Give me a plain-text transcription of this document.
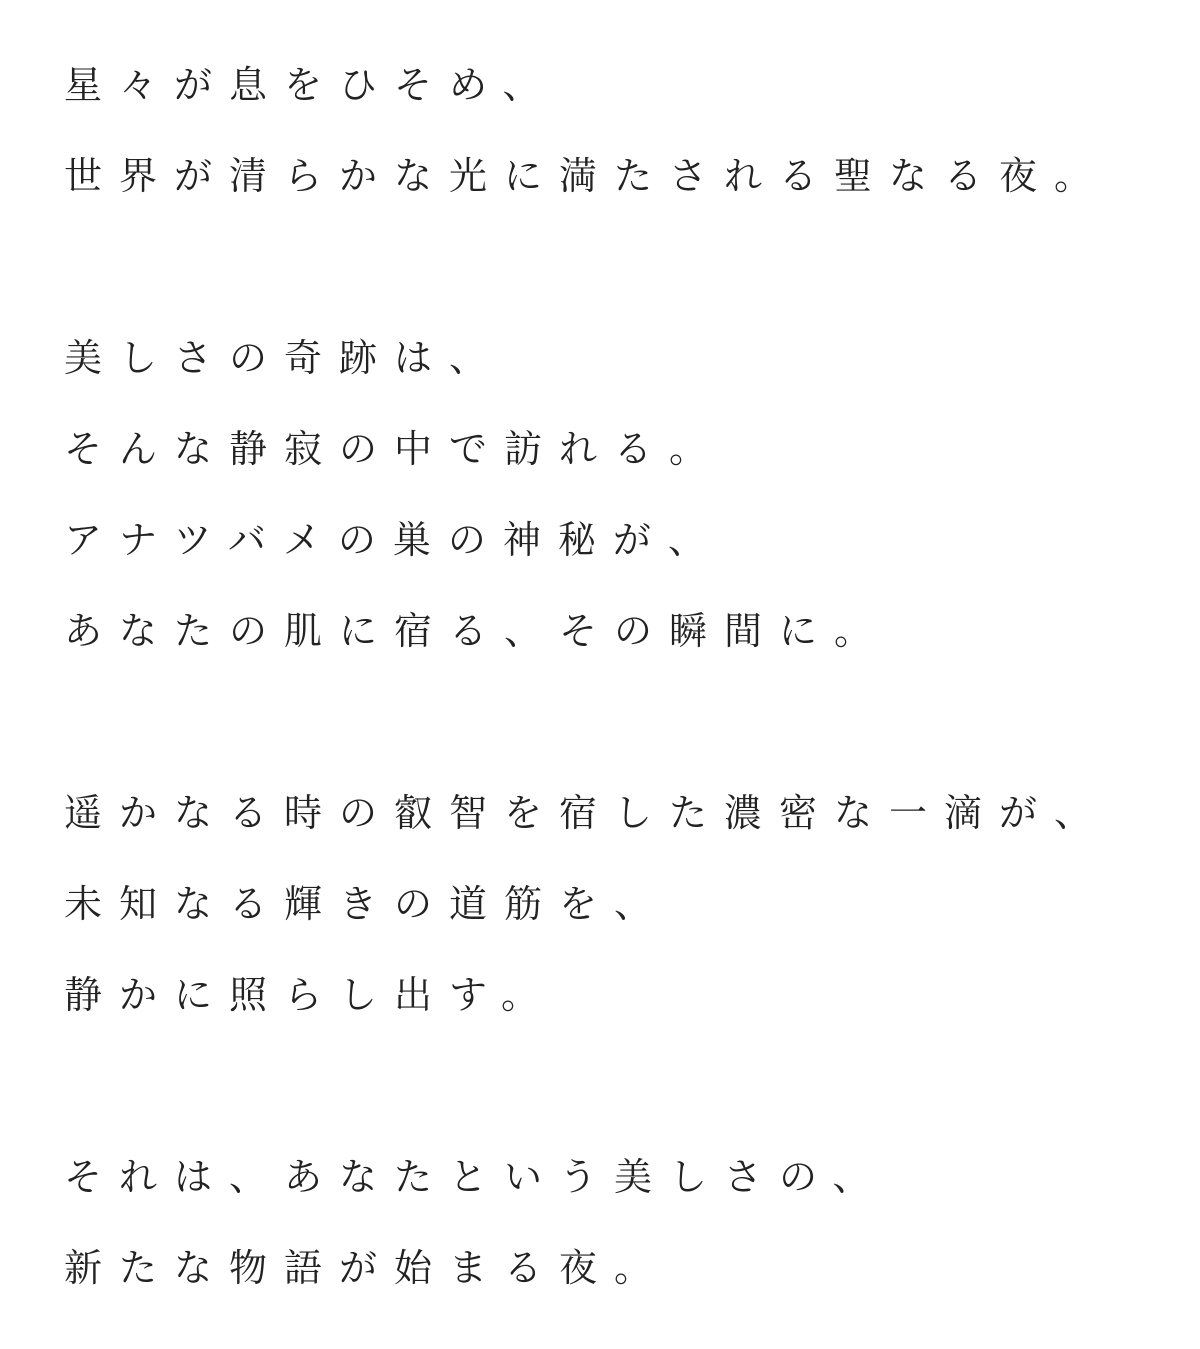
星々が息をひそめ、
世界が清らかな光に満たされる聖なる夜。
美しさの奇跡は、
そんな静寂の中で訪れる。
アナツバメの巣の神秘が、
あなたの肌に宿る、その瞬間に。
遥かなる時の叡智を宿した濃密な一滴が、
未知なる輝きの道筋を、
静かに照らし出す。
それは、あなたという美しさの、
新たな物語が始まる夜。
